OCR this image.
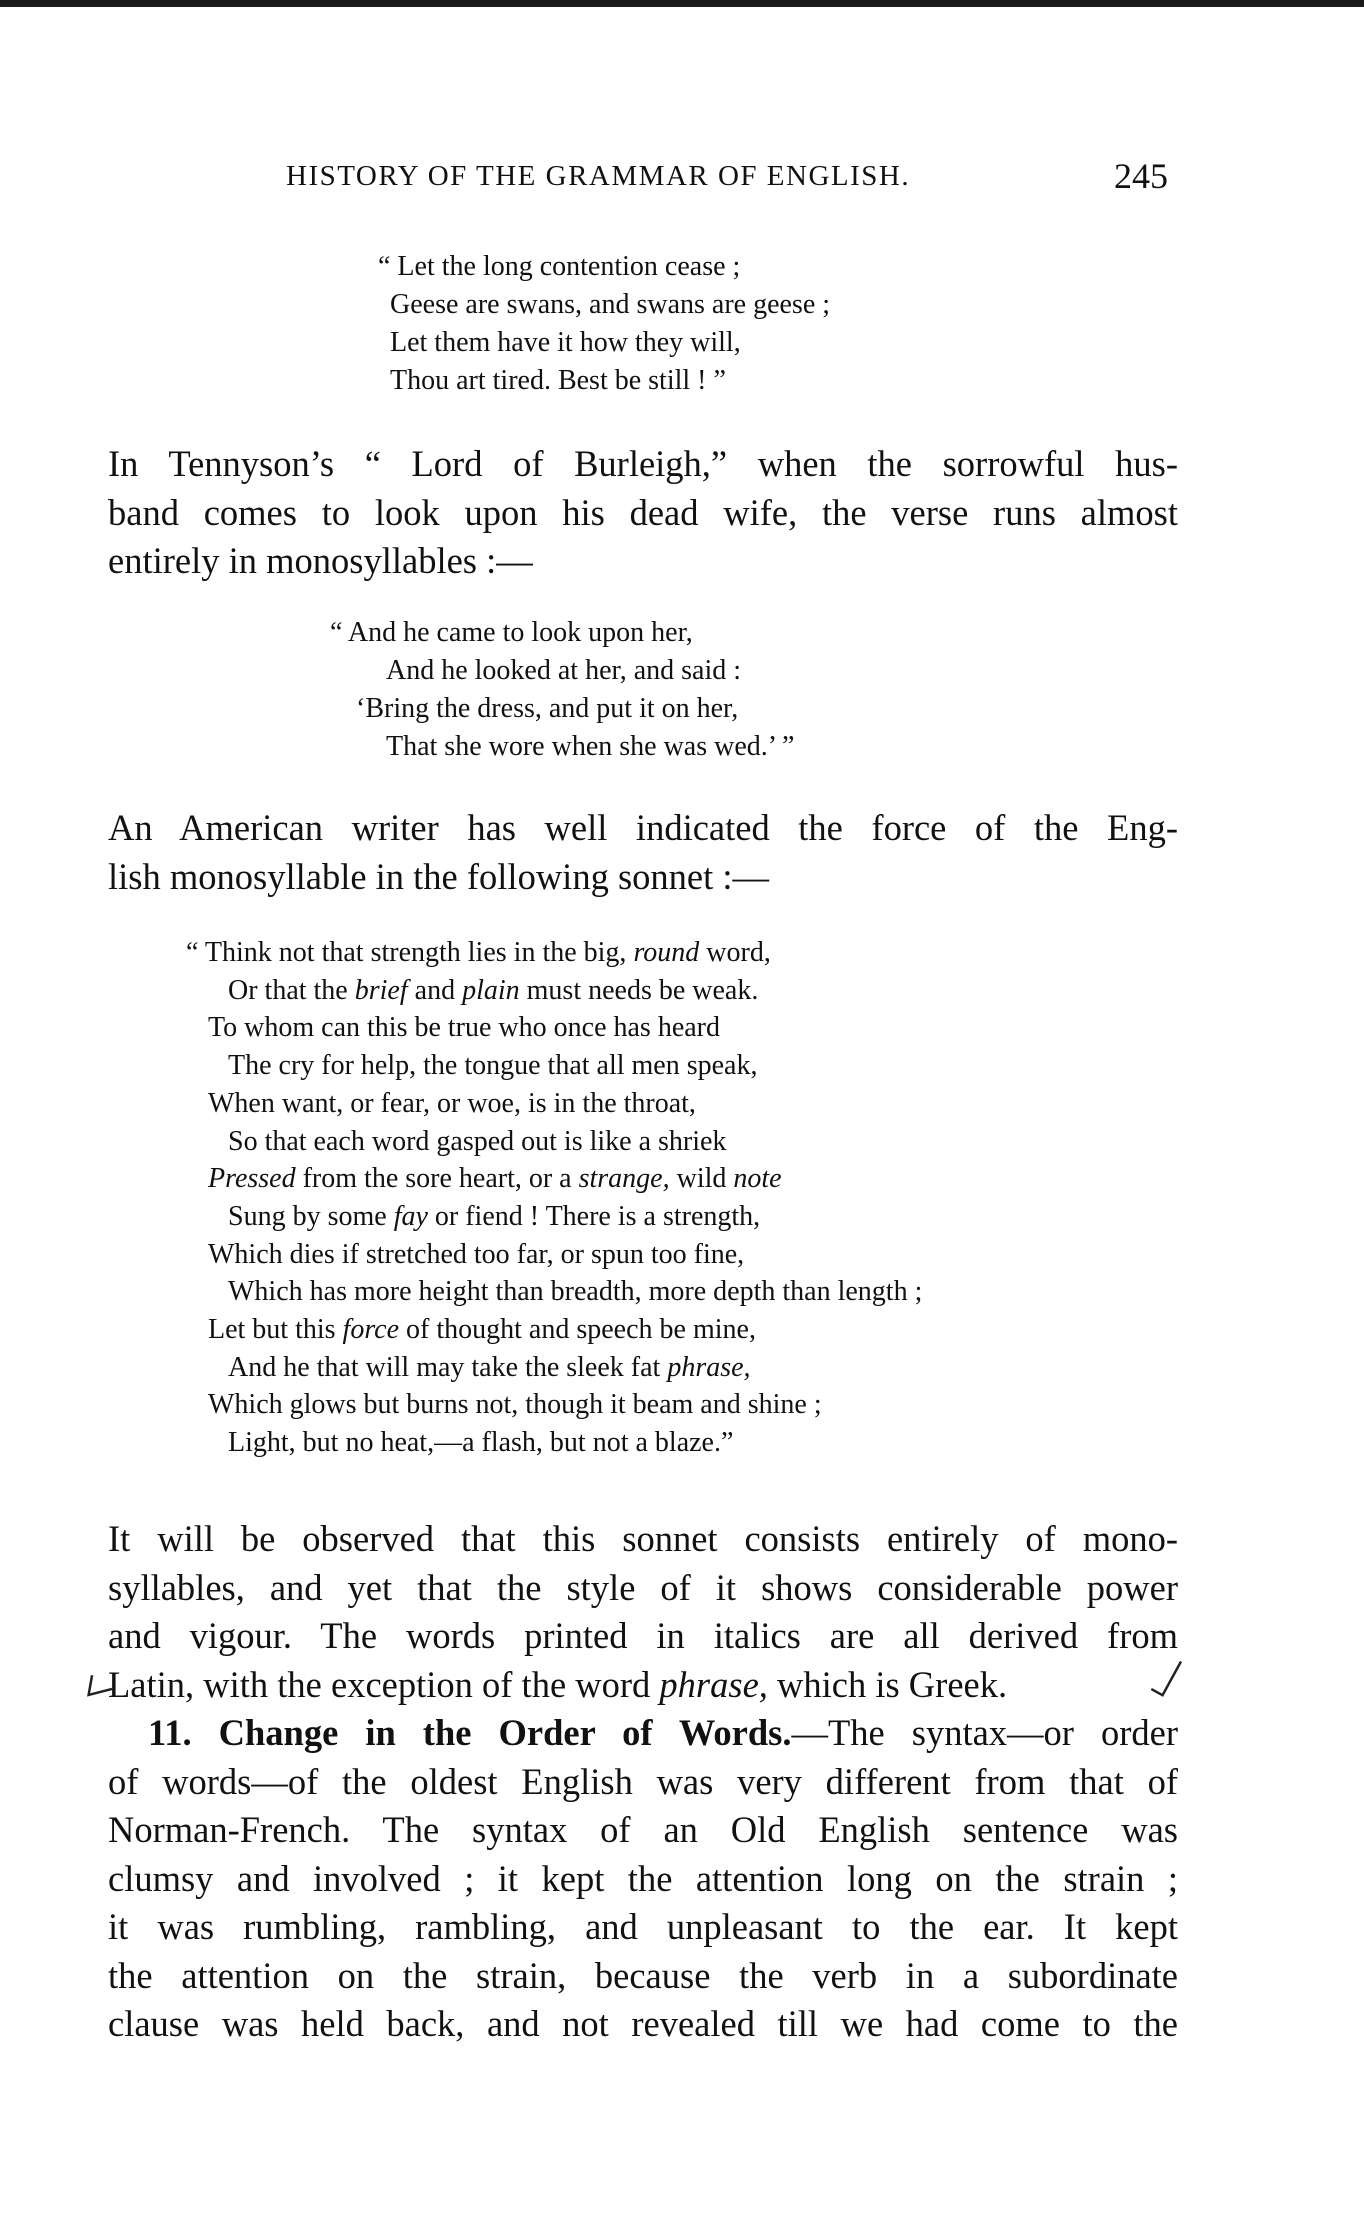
HISTORY OF THE GRAMMAR OF ENGLISH.	245
“ Let the long contention cease ;
Geese are swans, and swans are geese ;
Let them have it how they will,
Thou art tired. Best be still ! ”
In Tennyson’s “ Lord of Burleigh,” when the sorrowful hus-
band comes to look upon his dead wife, the verse runs almost
entirely in monosyllables :—
“ And he came to look upon her,
And he looked at her, and said :
‘Bring the dress, and put it on her,
That she wore when she was wed.’ ”
An American writer has well indicated the force of the Eng-
lish monosyllable in the following sonnet :—
“ Think not that strength lies in the big, round word,
Or that the brief and plain must needs be weak.
To whom can this be true who once has heard
The cry for help, the tongue that all men speak,
When want, or fear, or woe, is in the throat,
So that each word gasped out is like a shriek
Pressed from the sore heart, or a strange, wild note
Sung by some fay or fiend ! There is a strength,
Which dies if stretched too far, or spun too fine,
Which has more height than breadth, more depth than length ;
Let but this force of thought and speech be mine,
And he that will may take the sleek fat phrase,
Which glows but burns not, though it beam and shine ;
Light, but no heat,—a flash, but not a blaze.”
It will be observed that this sonnet consists entirely of mono-
syllables, and yet that the style of it shows considerable power
and vigour. The words printed in italics are all derived from
Latin, with the exception of the word phrase, which is Greek.
11. Change in the Order of Words.—The syntax—or order
of words—of the oldest English was very different from that of
Norman-French. The syntax of an Old English sentence was
clumsy and involved ; it kept the attention long on the strain ;
it was rumbling, rambling, and unpleasant to the ear. It kept
the attention on the strain, because the verb in a subordinate
clause was held back, and not revealed till we had come to the
